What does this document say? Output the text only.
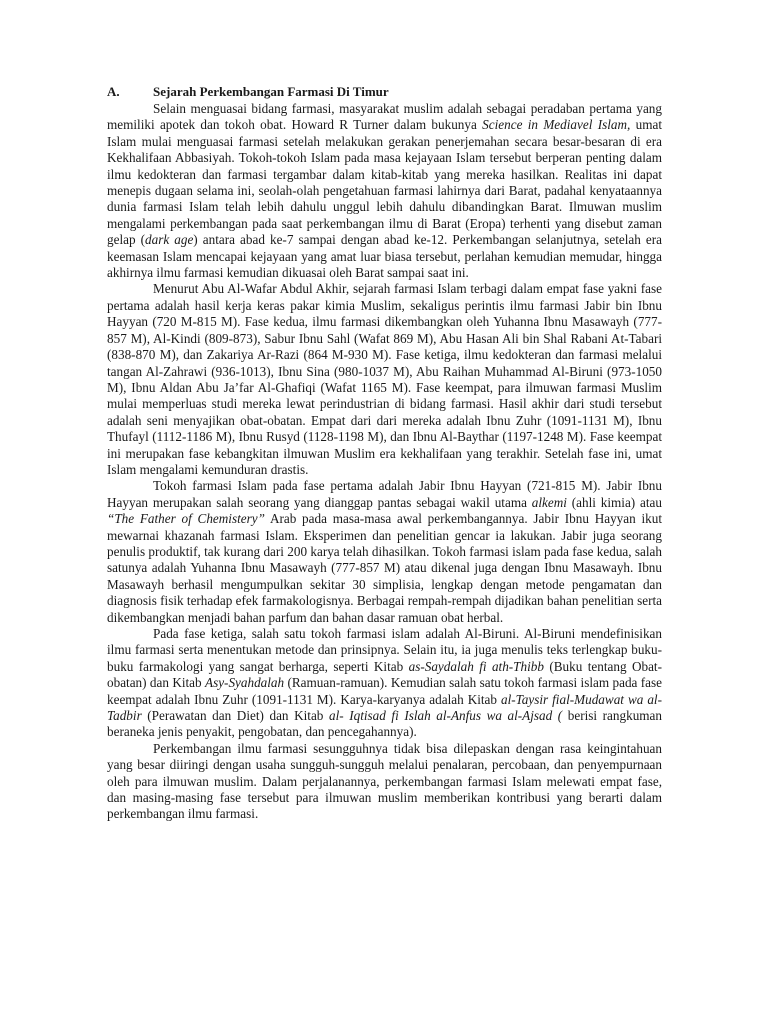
A.	Sejarah Perkembangan Farmasi Di Timur

Selain menguasai bidang farmasi, masyarakat muslim adalah sebagai peradaban pertama yang memiliki apotek dan tokoh obat. Howard R Turner dalam bukunya Science in Mediavel Islam, umat Islam mulai menguasai farmasi setelah melakukan gerakan penerjemahan secara besar-besaran di era Kekhalifaan Abbasiyah. Tokoh-tokoh Islam pada masa kejayaan Islam tersebut berperan penting dalam ilmu kedokteran dan farmasi tergambar dalam kitab-kitab yang mereka hasilkan. Realitas ini dapat menepis dugaan selama ini, seolah-olah pengetahuan farmasi lahirnya dari Barat, padahal kenyataannya dunia farmasi Islam telah lebih dahulu unggul lebih dahulu dibandingkan Barat. Ilmuwan muslim mengalami perkembangan pada saat perkembangan ilmu di Barat (Eropa) terhenti yang disebut zaman gelap (dark age) antara abad ke-7 sampai dengan abad ke-12. Perkembangan selanjutnya, setelah era keemasan Islam mencapai kejayaan yang amat luar biasa tersebut, perlahan kemudian memudar, hingga akhirnya ilmu farmasi kemudian dikuasai oleh Barat sampai saat ini.

Menurut Abu Al-Wafar Abdul Akhir, sejarah farmasi Islam terbagi dalam empat fase yakni fase pertama adalah hasil kerja keras pakar kimia Muslim, sekaligus perintis ilmu farmasi Jabir bin Ibnu Hayyan (720 M-815 M). Fase kedua, ilmu farmasi dikembangkan oleh Yuhanna Ibnu Masawayh (777-857 M), Al-Kindi (809-873), Sabur Ibnu Sahl (Wafat 869 M), Abu Hasan Ali bin Shal Rabani At-Tabari (838-870 M), dan Zakariya Ar-Razi (864 M-930 M). Fase ketiga, ilmu kedokteran dan farmasi melalui tangan Al-Zahrawi (936-1013), Ibnu Sina (980-1037 M), Abu Raihan Muhammad Al-Biruni (973-1050 M), Ibnu Aldan Abu Ja’far Al-Ghafiqi (Wafat 1165 M). Fase keempat, para ilmuwan farmasi Muslim mulai memperluas studi mereka lewat perindustrian di bidang farmasi. Hasil akhir dari studi tersebut adalah seni menyajikan obat-obatan. Empat dari dari mereka adalah Ibnu Zuhr (1091-1131 M), Ibnu Thufayl (1112-1186 M), Ibnu Rusyd (1128-1198 M), dan Ibnu Al-Baythar (1197-1248 M). Fase keempat ini merupakan fase kebangkitan ilmuwan Muslim era kekhalifaan yang terakhir. Setelah fase ini, umat Islam mengalami kemunduran drastis.

Tokoh farmasi Islam pada fase pertama adalah Jabir Ibnu Hayyan (721-815 M). Jabir Ibnu Hayyan merupakan salah seorang yang dianggap pantas sebagai wakil utama alkemi (ahli kimia) atau “The Father of Chemistery” Arab pada masa-masa awal perkembangannya. Jabir Ibnu Hayyan ikut mewarnai khazanah farmasi Islam. Eksperimen dan penelitian gencar ia lakukan. Jabir juga seorang penulis produktif, tak kurang dari 200 karya telah dihasilkan. Tokoh farmasi islam pada fase kedua, salah satunya adalah Yuhanna Ibnu Masawayh (777-857 M) atau dikenal juga dengan Ibnu Masawayh. Ibnu Masawayh berhasil mengumpulkan sekitar 30 simplisia, lengkap dengan metode pengamatan dan diagnosis fisik terhadap efek farmakologisnya. Berbagai rempah-rempah dijadikan bahan penelitian serta dikembangkan menjadi bahan parfum dan bahan dasar ramuan obat herbal.

Pada fase ketiga, salah satu tokoh farmasi islam adalah Al-Biruni. Al-Biruni mendefinisikan ilmu farmasi serta menentukan metode dan prinsipnya. Selain itu, ia juga menulis teks terlengkap buku-buku farmakologi yang sangat berharga, seperti Kitab as-Saydalah fi ath-Thibb (Buku tentang Obat-obatan) dan Kitab Asy-Syahdalah (Ramuan-ramuan). Kemudian salah satu tokoh farmasi islam pada fase keempat adalah Ibnu Zuhr (1091-1131 M). Karya-karyanya adalah Kitab al-Taysir fial-Mudawat wa al-Tadbir (Perawatan dan Diet) dan Kitab al- Iqtisad fi Islah al-Anfus wa al-Ajsad ( berisi rangkuman beraneka jenis penyakit, pengobatan, dan pencegahannya).

Perkembangan ilmu farmasi sesungguhnya tidak bisa dilepaskan dengan rasa keingintahuan yang besar diiringi dengan usaha sungguh-sungguh melalui penalaran, percobaan, dan penyempurnaan oleh para ilmuwan muslim. Dalam perjalanannya, perkembangan farmasi Islam melewati empat fase, dan masing-masing fase tersebut para ilmuwan muslim memberikan kontribusi yang berarti dalam perkembangan ilmu farmasi.
